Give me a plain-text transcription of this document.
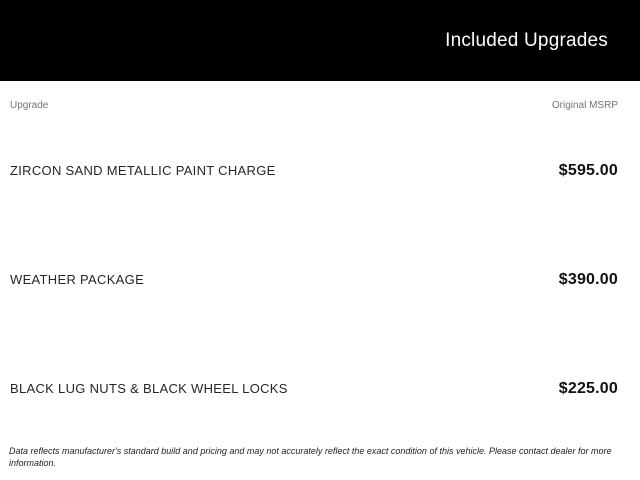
Included Upgrades
Upgrade	Original MSRP
ZIRCON SAND METALLIC PAINT CHARGE	$595.00
WEATHER PACKAGE	$390.00
BLACK LUG NUTS & BLACK WHEEL LOCKS	$225.00
Data reflects manufacturer's standard build and pricing and may not accurately reflect the exact condition of this vehicle. Please contact dealer for more information.
